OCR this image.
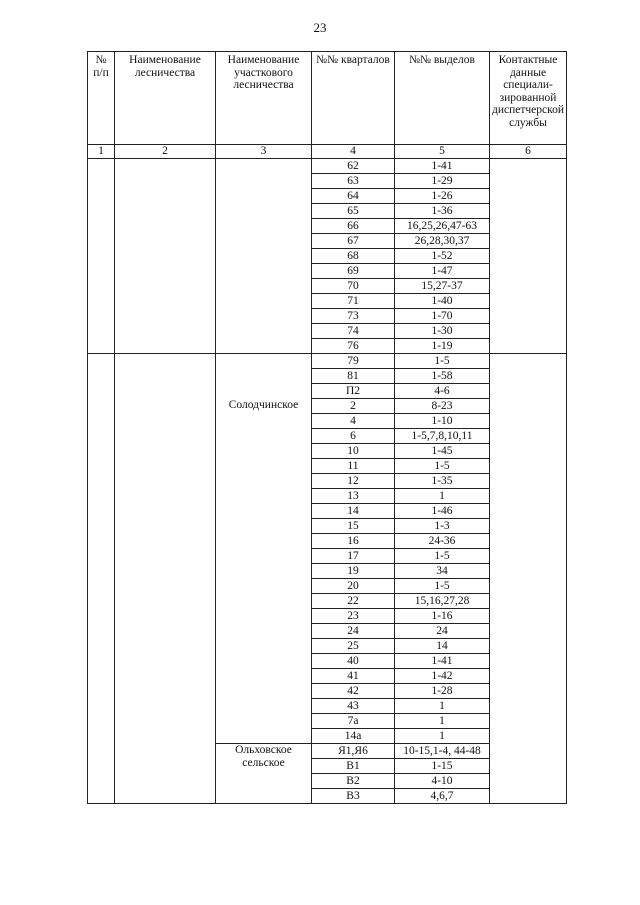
23
№ п/п	Наименование лесничества	Наименование участкового лесничества	№№ кварталов	№№ выделов	Контактные данные специали-зированной диспетчерской службы
1	2	3	4	5	6
			62	1-41	
			63	1-29	
			64	1-26	
			65	1-36	
			66	16,25,26,47-63	
			67	26,28,30,37	
			68	1-52	
			69	1-47	
			70	15,27-37	
			71	1-40	
			73	1-70	
			74	1-30	
			76	1-19	
			79	1-5	
			81	1-58	
			П2	4-6	
		Солодчинское	2	8-23	
			4	1-10	
			6	1-5,7,8,10,11	
			10	1-45	
			11	1-5	
			12	1-35	
			13	1	
			14	1-46	
			15	1-3	
			16	24-36	
			17	1-5	
			19	34	
			20	1-5	
			22	15,16,27,28	
			23	1-16	
			24	24	
			25	14	
			40	1-41	
			41	1-42	
			42	1-28	
			43	1	
			7а	1	
			14а	1	
		Ольховское сельское	Я1,Я6	10-15,1-4, 44-48	
			В1	1-15	
			В2	4-10	
			В3	4,6,7	
